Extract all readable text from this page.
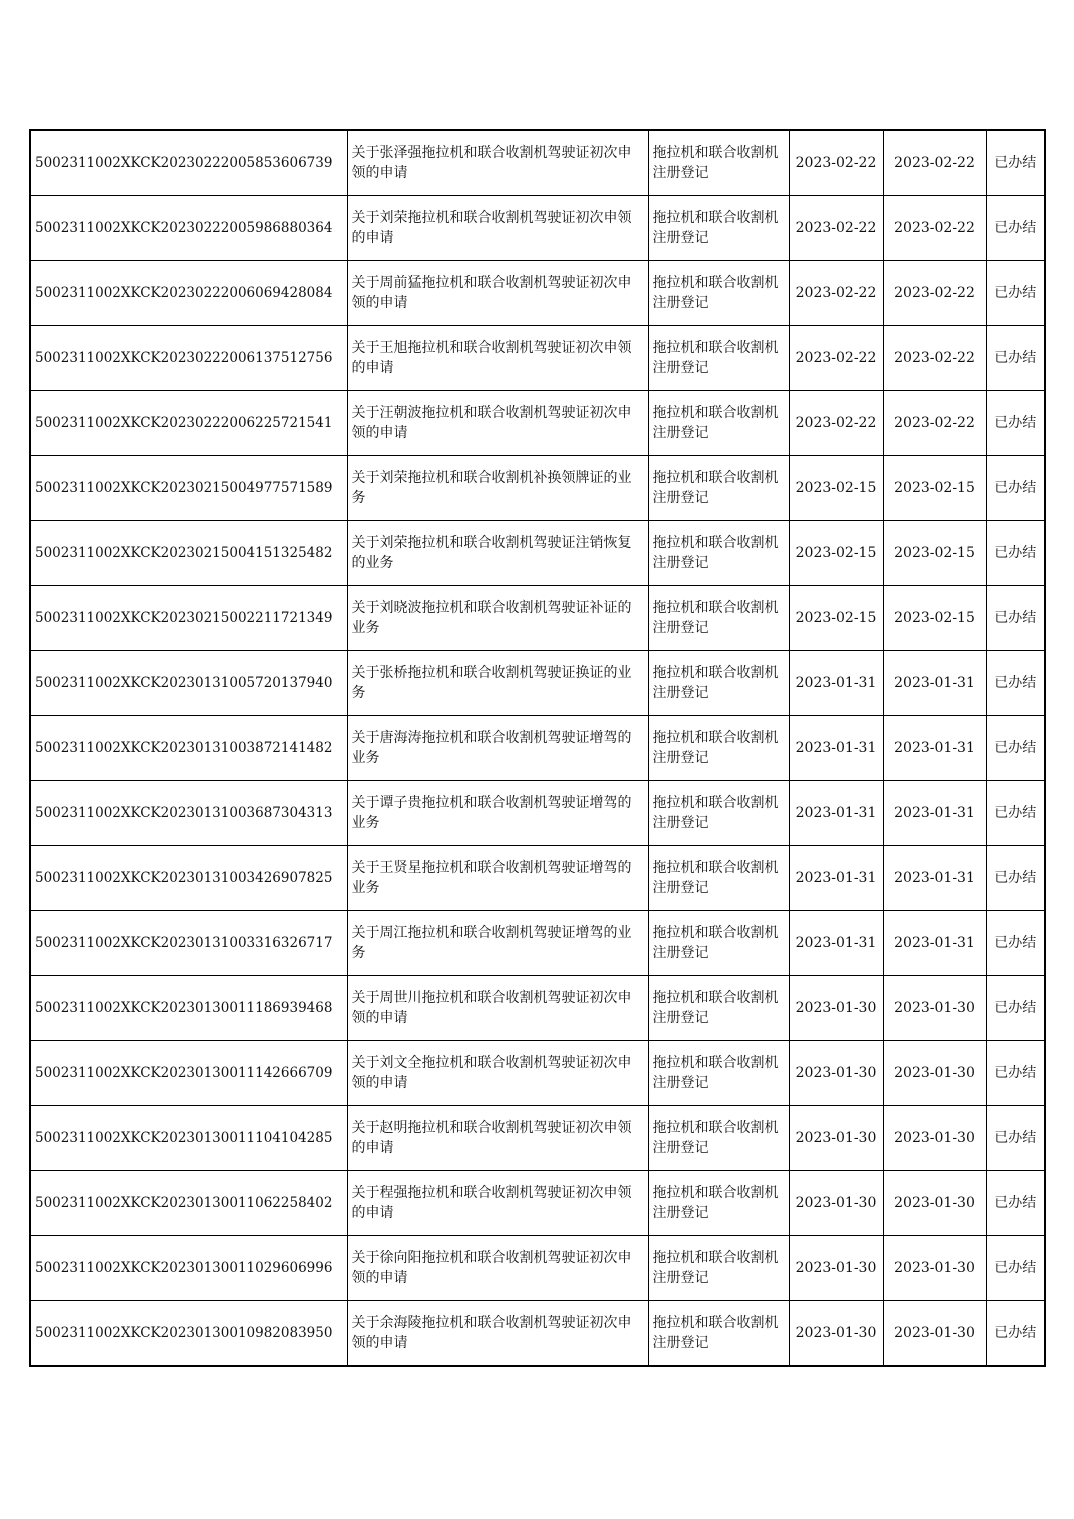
5002311002XKCK20230222005853606739	关于张泽强拖拉机和联合收割机驾驶证初次申领的申请	拖拉机和联合收割机注册登记	2023-02-22	2023-02-22	已办结
5002311002XKCK20230222005986880364	关于刘荣拖拉机和联合收割机驾驶证初次申领的申请	拖拉机和联合收割机注册登记	2023-02-22	2023-02-22	已办结
5002311002XKCK20230222006069428084	关于周前猛拖拉机和联合收割机驾驶证初次申领的申请	拖拉机和联合收割机注册登记	2023-02-22	2023-02-22	已办结
5002311002XKCK20230222006137512756	关于王旭拖拉机和联合收割机驾驶证初次申领的申请	拖拉机和联合收割机注册登记	2023-02-22	2023-02-22	已办结
5002311002XKCK20230222006225721541	关于汪朝波拖拉机和联合收割机驾驶证初次申领的申请	拖拉机和联合收割机注册登记	2023-02-22	2023-02-22	已办结
5002311002XKCK20230215004977571589	关于刘荣拖拉机和联合收割机补换领牌证的业务	拖拉机和联合收割机注册登记	2023-02-15	2023-02-15	已办结
5002311002XKCK20230215004151325482	关于刘荣拖拉机和联合收割机驾驶证注销恢复的业务	拖拉机和联合收割机注册登记	2023-02-15	2023-02-15	已办结
5002311002XKCK20230215002211721349	关于刘晓波拖拉机和联合收割机驾驶证补证的业务	拖拉机和联合收割机注册登记	2023-02-15	2023-02-15	已办结
5002311002XKCK20230131005720137940	关于张桥拖拉机和联合收割机驾驶证换证的业务	拖拉机和联合收割机注册登记	2023-01-31	2023-01-31	已办结
5002311002XKCK20230131003872141482	关于唐海涛拖拉机和联合收割机驾驶证增驾的业务	拖拉机和联合收割机注册登记	2023-01-31	2023-01-31	已办结
5002311002XKCK20230131003687304313	关于谭子贵拖拉机和联合收割机驾驶证增驾的业务	拖拉机和联合收割机注册登记	2023-01-31	2023-01-31	已办结
5002311002XKCK20230131003426907825	关于王贤星拖拉机和联合收割机驾驶证增驾的业务	拖拉机和联合收割机注册登记	2023-01-31	2023-01-31	已办结
5002311002XKCK20230131003316326717	关于周江拖拉机和联合收割机驾驶证增驾的业务	拖拉机和联合收割机注册登记	2023-01-31	2023-01-31	已办结
5002311002XKCK20230130011186939468	关于周世川拖拉机和联合收割机驾驶证初次申领的申请	拖拉机和联合收割机注册登记	2023-01-30	2023-01-30	已办结
5002311002XKCK20230130011142666709	关于刘文全拖拉机和联合收割机驾驶证初次申领的申请	拖拉机和联合收割机注册登记	2023-01-30	2023-01-30	已办结
5002311002XKCK20230130011104104285	关于赵明拖拉机和联合收割机驾驶证初次申领的申请	拖拉机和联合收割机注册登记	2023-01-30	2023-01-30	已办结
5002311002XKCK20230130011062258402	关于程强拖拉机和联合收割机驾驶证初次申领的申请	拖拉机和联合收割机注册登记	2023-01-30	2023-01-30	已办结
5002311002XKCK20230130011029606996	关于徐向阳拖拉机和联合收割机驾驶证初次申领的申请	拖拉机和联合收割机注册登记	2023-01-30	2023-01-30	已办结
5002311002XKCK20230130010982083950	关于余海陵拖拉机和联合收割机驾驶证初次申领的申请	拖拉机和联合收割机注册登记	2023-01-30	2023-01-30	已办结
